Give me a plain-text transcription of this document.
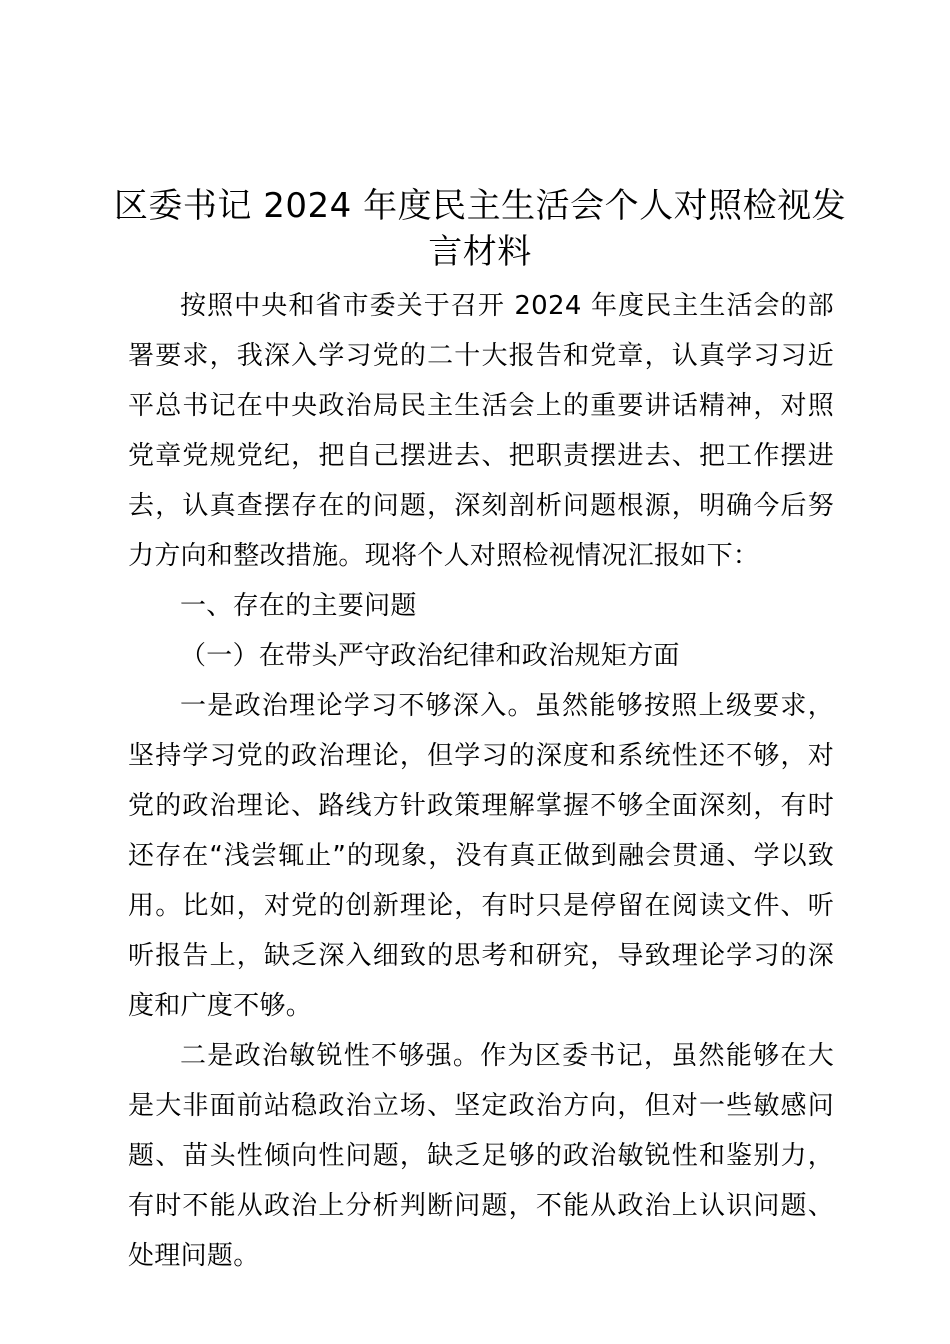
区委书记 2024 年度民主生活会个人对照检视发言材料

按照中央和省市委关于召开 2024 年度民主生活会的部署要求，我深入学习党的二十大报告和党章，认真学习习近平总书记在中央政治局民主生活会上的重要讲话精神，对照党章党规党纪，把自己摆进去、把职责摆进去、把工作摆进去，认真查摆存在的问题，深刻剖析问题根源，明确今后努力方向和整改措施。现将个人对照检视情况汇报如下：

一、存在的主要问题

（一）在带头严守政治纪律和政治规矩方面

一是政治理论学习不够深入。虽然能够按照上级要求，坚持学习党的政治理论，但学习的深度和系统性还不够，对党的政治理论、路线方针政策理解掌握不够全面深刻，有时还存在“浅尝辄止”的现象，没有真正做到融会贯通、学以致用。比如，对党的创新理论，有时只是停留在阅读文件、听听报告上，缺乏深入细致的思考和研究，导致理论学习的深度和广度不够。

二是政治敏锐性不够强。作为区委书记，虽然能够在大是大非面前站稳政治立场、坚定政治方向，但对一些敏感问题、苗头性倾向性问题，缺乏足够的政治敏锐性和鉴别力，有时不能从政治上分析判断问题，不能从政治上认识问题、处理问题。
